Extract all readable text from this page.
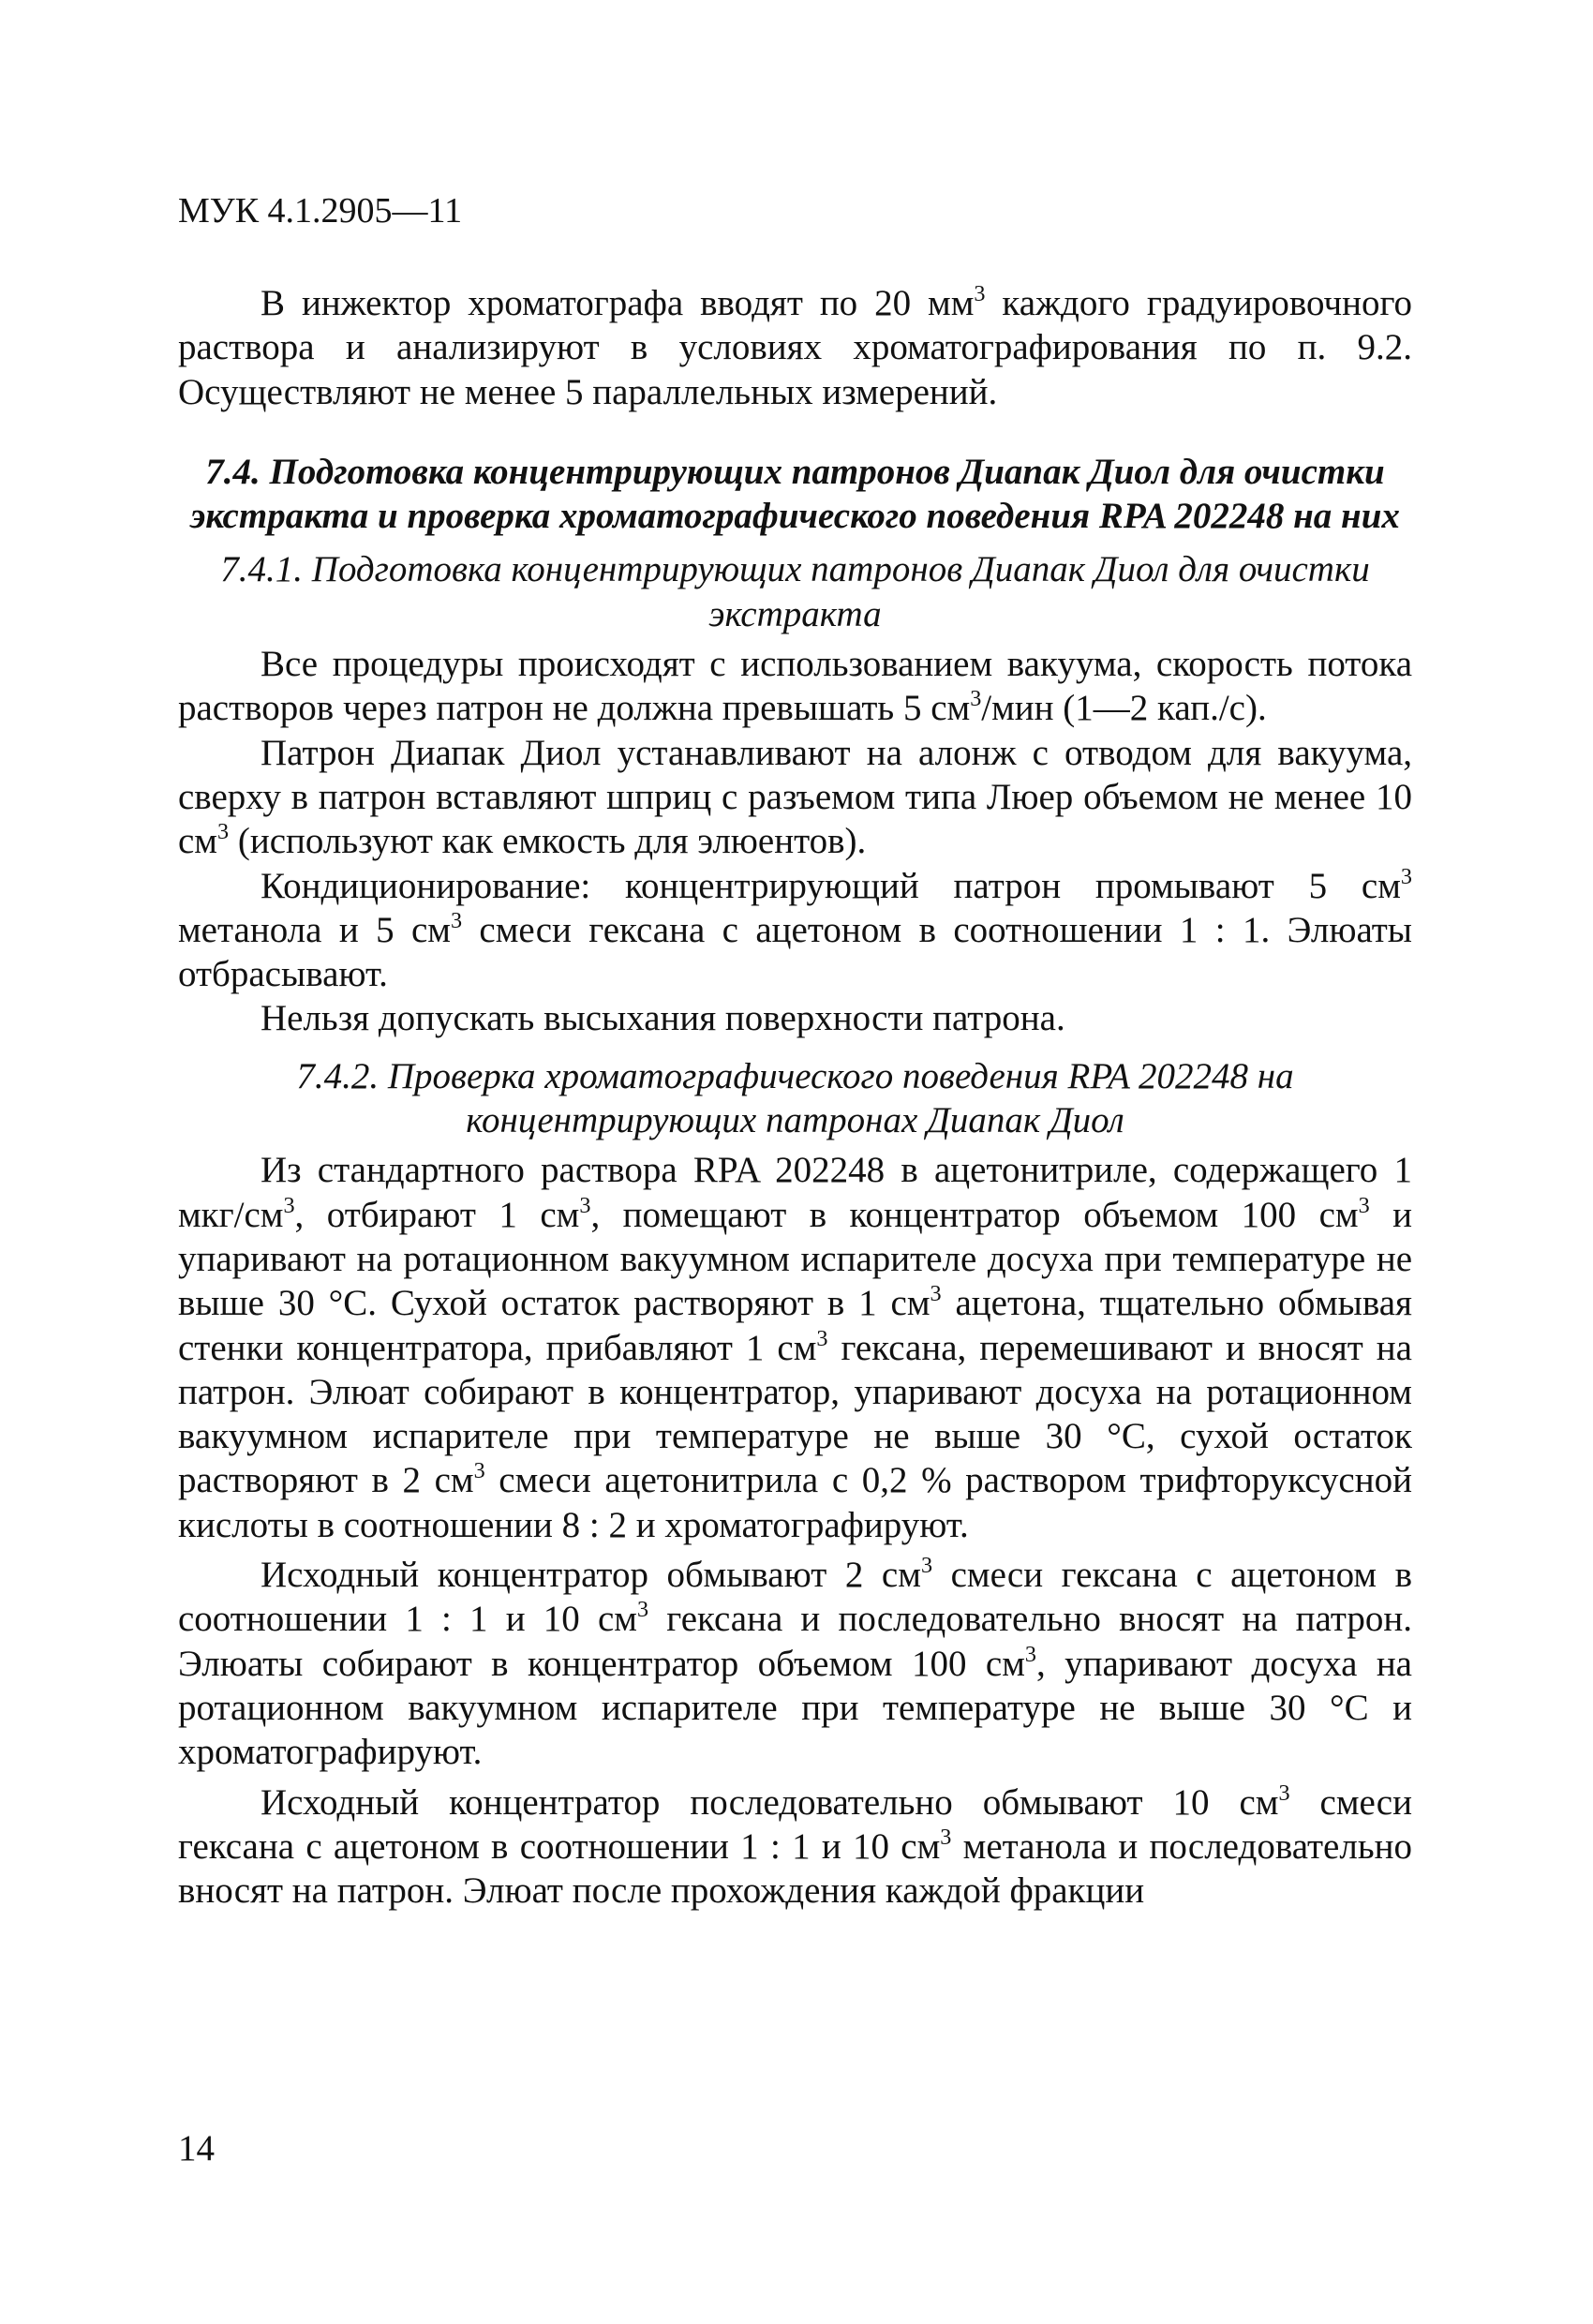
МУК 4.1.2905—11

В инжектор хроматографа вводят по 20 $мм^3$ каждого градуировочного раствора и анализируют в условиях хроматографирования по п. 9.2. Осуществляют не менее 5 параллельных измерений.

7.4. Подготовка концентрирующих патронов Диапак Диол для очистки экстракта и проверка хроматографического поведения RPA 202248 на них
7.4.1. Подготовка концентрирующих патронов Диапак Диол для очистки экстракта

Все процедуры происходят с использованием вакуума, скорость потока растворов через патрон не должна превышать 5 $см^3$/мин (1—2 кап./с).

Патрон Диапак Диол устанавливают на алонж с отводом для вакуума, сверху в патрон вставляют шприц с разъемом типа Люер объемом не менее 10 $см^3$ (используют как емкость для элюентов).

Кондиционирование: концентрирующий патрон промывают 5 $см^3$ метанола и 5 $см^3$ смеси гексана с ацетоном в соотношении 1 : 1. Элюаты отбрасывают.

Нельзя допускать высыхания поверхности патрона.

7.4.2. Проверка хроматографического поведения RPA 202248 на концентрирующих патронах Диапак Диол

Из стандартного раствора RPA 202248 в ацетонитриле, содержащего 1 мкг/$см^3$, отбирают 1 $см^3$, помещают в концентратор объемом 100 $см^3$ и упаривают на ротационном вакуумном испарителе досуха при температуре не выше 30 °С. Сухой остаток растворяют в 1 $см^3$ ацетона, тщательно обмывая стенки концентратора, прибавляют 1 $см^3$ гексана, перемешивают и вносят на патрон. Элюат собирают в концентратор, упаривают досуха на ротационном вакуумном испарителе при температуре не выше 30 °С, сухой остаток растворяют в 2 $см^3$ смеси ацетонитрила с 0,2 % раствором трифторуксусной кислоты в соотношении 8 : 2 и хроматографируют.

Исходный концентратор обмывают 2 $см^3$ смеси гексана с ацетоном в соотношении 1 : 1 и 10 $см^3$ гексана и последовательно вносят на патрон. Элюаты собирают в концентратор объемом 100 $см^3$, упаривают досуха на ротационном вакуумном испарителе при температуре не выше 30 °С и хроматографируют.

Исходный концентратор последовательно обмывают 10 $см^3$ смеси гексана с ацетоном в соотношении 1 : 1 и 10 $см^3$ метанола и последовательно вносят на патрон. Элюат после прохождения каждой фракции

14
